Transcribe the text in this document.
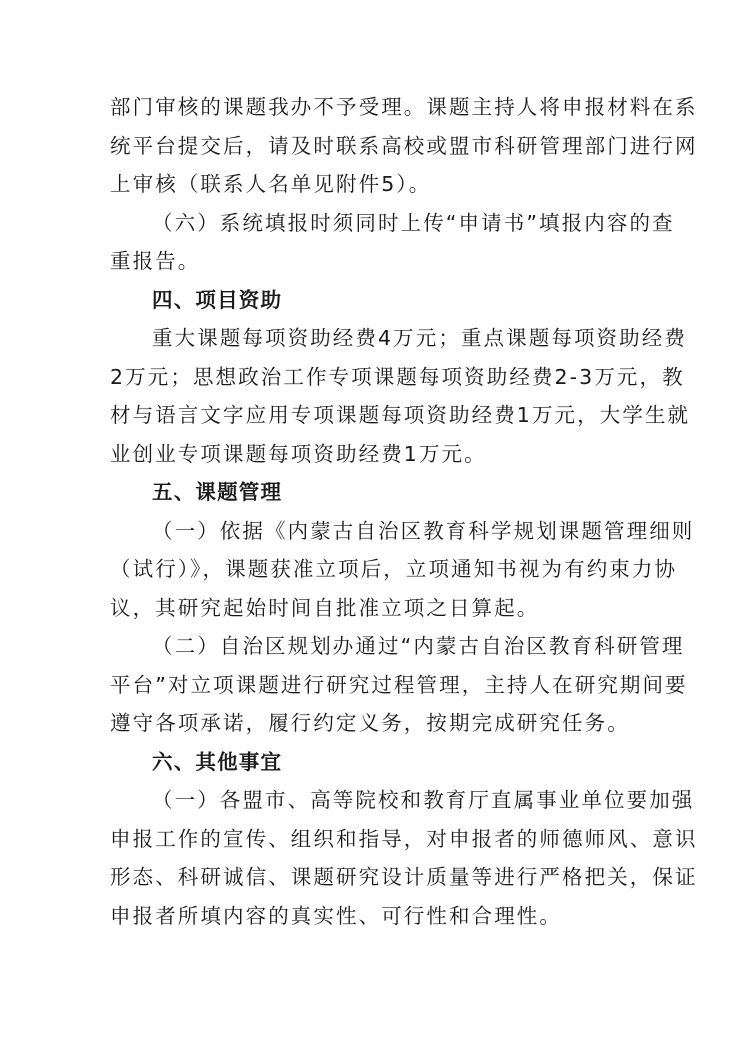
部门审核的课题我办不予受理。课题主持人将申报材料在系
统平台提交后，请及时联系高校或盟市科研管理部门进行网
上审核（联系人名单见附件5）。
（六）系统填报时须同时上传“申请书”填报内容的查
重报告。
四、项目资助
重大课题每项资助经费4万元；重点课题每项资助经费
2万元；思想政治工作专项课题每项资助经费2-3万元，教
材与语言文字应用专项课题每项资助经费1万元，大学生就
业创业专项课题每项资助经费1万元。
五、课题管理
（一）依据《内蒙古自治区教育科学规划课题管理细则
（试行）》，课题获准立项后，立项通知书视为有约束力协
议，其研究起始时间自批准立项之日算起。
（二）自治区规划办通过“内蒙古自治区教育科研管理
平台”对立项课题进行研究过程管理，主持人在研究期间要
遵守各项承诺，履行约定义务，按期完成研究任务。
六、其他事宜
（一）各盟市、高等院校和教育厅直属事业单位要加强
申报工作的宣传、组织和指导，对申报者的师德师风、意识
形态、科研诚信、课题研究设计质量等进行严格把关，保证
申报者所填内容的真实性、可行性和合理性。
